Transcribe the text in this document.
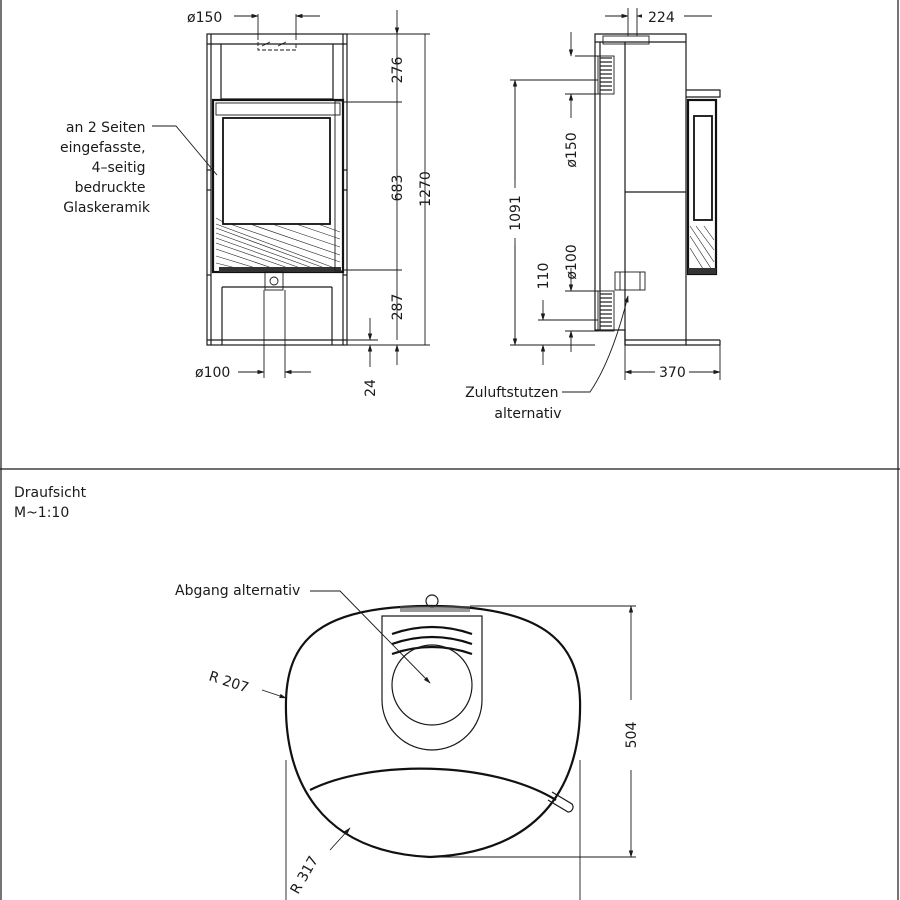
ø150
ø100
276
683 1270
287
24
an 2 Seiten eingefasste, 4–seitig bedruckte Glaskeramik
224
370
ø150
1091
ø100
110
Zuluftstutzen alternativ
Draufsicht
M~1:10
Abgang alternativ
R 207
R 317
504
